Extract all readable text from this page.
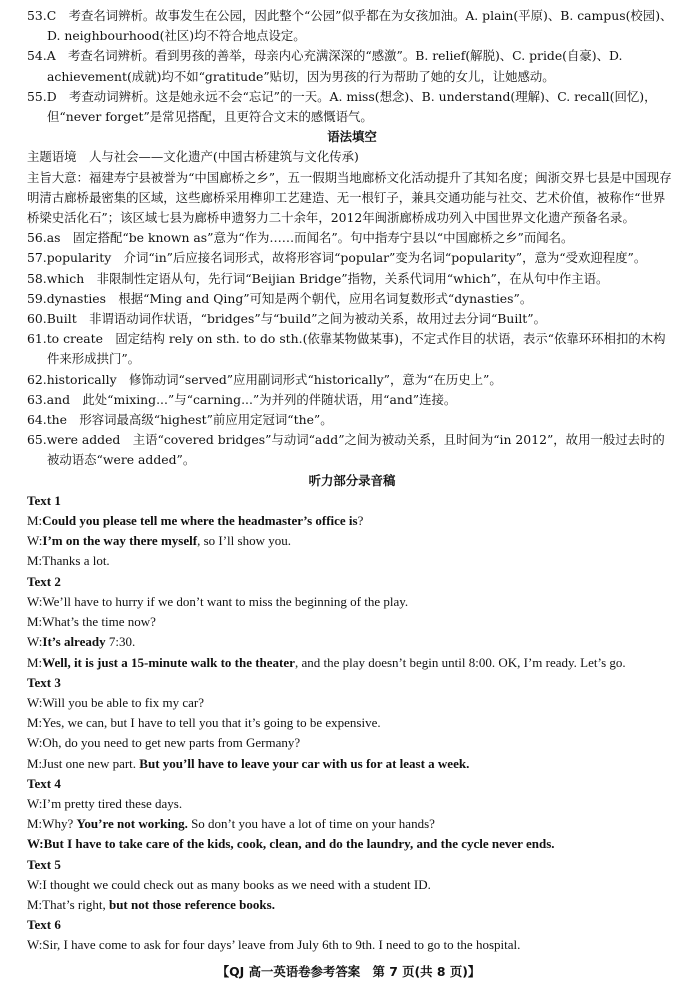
53.C　 考查名词辨析。故事发生在公园，因此整个“公园”似乎都在为女孩加油。A. plain(平原)、B. campus(校园)、D. neighbourhood(社区)均不符合地点设定。
54.A　 考查名词辨析。看到男孩的善举，母亲内心充满深深的“感激”。B. relief(解脱)、C. pride(自豪)、D. achievement(成就)均不如“gratitude”贴切，因为男孩的行为帮助了她的女儿，让她感动。
55.D　 考查动词辨析。这是她永远不会“忘记”的一天。A. miss(想念)、B. understand(理解)、C. recall(回忆)，但“never forget”是常见搭配，且更符合文末的感慨语气。
语法填空
主题语境　人与社会——文化遗产(中国古桥建筑与文化传承)
主旨大意：福建寿宁县被誉为“中国廊桥之乡”，五一假期当地廊桥文化活动提升了其知名度；闽浙交界七县是中国现存明清古廊桥最密集的区域，这些廊桥采用榫卯工艺建造、无一根钉子，兼具交通功能与社交、艺术价值，被称作“世界桥梁史活化石”；该区域七县为廊桥申遗努力二十余年，2012年闽浙廊桥成功列入中国世界文化遗产预备名录。
56.as　 固定搭配“be known as”意为“作为……而闻名”。句中指寿宁县以“中国廊桥之乡”而闻名。
57.popularity　 介词“in”后应接名词形式，故将形容词“popular”变为名词“popularity”，意为“受欢迎程度”。
58.which　 非限制性定语从句，先行词“Beijian Bridge”指物，关系代词用“which”，在从句中作主语。
59.dynasties　 根据“Ming and Qing”可知是两个朝代，应用名词复数形式“dynasties”。
60.Built　 非谓语动词作状语，“bridges”与“build”之间为被动关系，故用过去分词“Built”。
61.to create　 固定结构 rely on sth. to do sth.(依靠某物做某事)，不定式作目的状语，表示“依靠环环相扣的木构件来形成拱门”。
62.historically　 修饰动词“served”应用副词形式“historically”，意为“在历史上”。
63.and　 此处“mixing...”与“carning...”为并列的伴随状语，用“and”连接。
64.the　 形容词最高级“highest”前应用定冠词“the”。
65.were added　 主语“covered bridges”与动词“add”之间为被动关系，且时间为“in 2012”，故用一般过去时的被动语态“were added”。
听力部分录音稿
Text 1
M:Could you please tell me where the headmaster’s office is?
W:I’m on the way there myself, so I’ll show you.
M:Thanks a lot.
Text 2
W:We’ll have to hurry if we don’t want to miss the beginning of the play.
M:What’s the time now?
W:It’s already 7:30.
M:Well, it is just a 15-minute walk to the theater, and the play doesn’t begin until 8:00. OK, I’m ready. Let’s go.
Text 3
W:Will you be able to fix my car?
M:Yes, we can, but I have to tell you that it’s going to be expensive.
W:Oh, do you need to get new parts from Germany?
M:Just one new part. But you’ll have to leave your car with us for at least a week.
Text 4
W:I’m pretty tired these days.
M:Why? You’re not working. So don’t you have a lot of time on your hands?
W:But I have to take care of the kids, cook, clean, and do the laundry, and the cycle never ends.
Text 5
W:I thought we could check out as many books as we need with a student ID.
M:That’s right, but not those reference books.
Text 6
W:Sir, I have come to ask for four days’ leave from July 6th to 9th. I need to go to the hospital.
【QJ 高一英语卷参考答案　第 7 页(共 8 页)】
